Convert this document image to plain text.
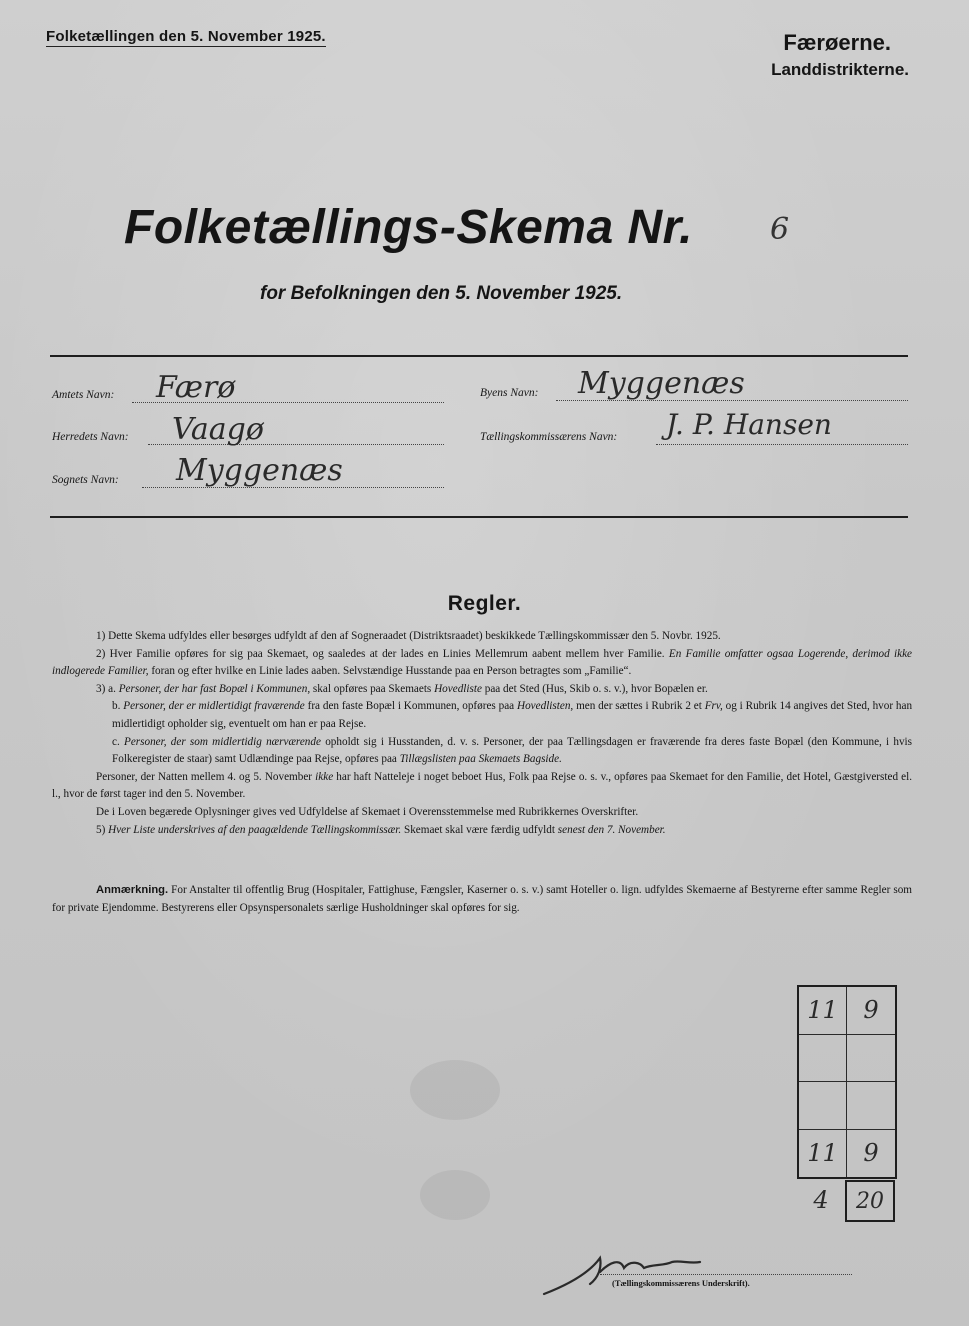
Folketællingen den 5. November 1925.	Færøerne.
Landdistrikterne.
Folketællings-Skema Nr.	6
for Befolkningen den 5. November 1925.
Amtets Navn: Færø
Herredets Navn: Vaagø
Sognets Navn: Myggenæs
Byens Navn: Myggenæs
Tællingskommissærens Navn: J. P. Hansen
Regler.

1) Dette Skema udfyldes eller besørges udfyldt af den af Sogneraadet (Distriktsraadet) beskikkede Tællingskommissær den 5. Novbr. 1925.

2) Hver Familie opføres for sig paa Skemaet, og saaledes at der lades en Linies Mellemrum aabent mellem hver Familie. En Familie omfatter ogsaa Logerende, derimod ikke indlogerede Familier, foran og efter hvilke en Linie lades aaben. Selvstændige Husstande paa en Person betragtes som „Familie“.

3) a. Personer, der har fast Bopæl i Kommunen, skal opføres paa Skemaets Hovedliste paa det Sted (Hus, Skib o. s. v.), hvor Bopælen er.

b. Personer, der er midlertidigt fraværende fra den faste Bopæl i Kommunen, opføres paa Hovedlisten, men der sættes i Rubrik 2 et Frv, og i Rubrik 14 angives det Sted, hvor han midlertidigt opholder sig, eventuelt om han er paa Rejse.

c. Personer, der som midlertidig nærværende opholdt sig i Husstanden, d. v. s. Personer, der paa Tællingsdagen er fraværende fra deres faste Bopæl (den Kommune, i hvis Folkeregister de staar) samt Udlændinge paa Rejse, opføres paa Tillægslisten paa Skemaets Bagside.

Personer, der Natten mellem 4. og 5. November ikke har haft Natteleje i noget beboet Hus, Folk paa Rejse o. s. v., opføres paa Skemaet for den Familie, det Hotel, Gæstgiversted el. l., hvor de først tager ind den 5. November.

De i Loven begærede Oplysninger gives ved Udfyldelse af Skemaet i Overensstemmelse med Rubrikkernes Overskrifter.

5) Hver Liste underskrives af den paagældende Tællingskommissær. Skemaet skal være færdig udfyldt senest den 7. November.

Anmærkning. For Anstalter til offentlig Brug (Hospitaler, Fattighuse, Fængsler, Kaserner o. s. v.) samt Hoteller o. lign. udfyldes Skemaerne af Bestyrerne efter samme Regler som for private Ejendomme. Bestyrerens eller Opsynspersonalets særlige Husholdninger skal opføres for sig.

11	9
11	9
4	20
(Tællingskommissærens Underskrift).
